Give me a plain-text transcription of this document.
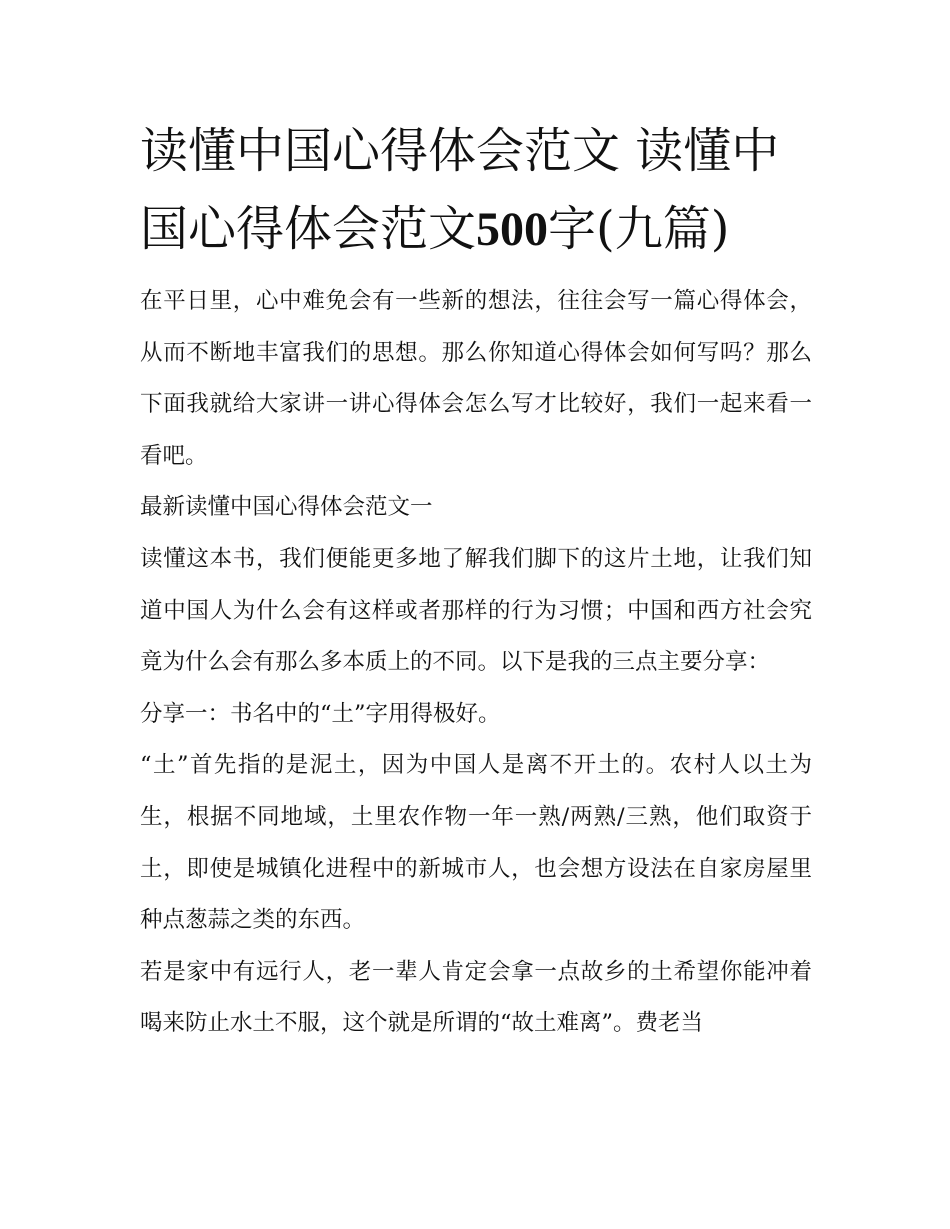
读懂中国心得体会范文 读懂中国心得体会范文500字(九篇)

在平日里，心中难免会有一些新的想法，往往会写一篇心得体会，从而不断地丰富我们的思想。那么你知道心得体会如何写吗？那么下面我就给大家讲一讲心得体会怎么写才比较好，我们一起来看一看吧。

最新读懂中国心得体会范文一

读懂这本书，我们便能更多地了解我们脚下的这片土地，让我们知道中国人为什么会有这样或者那样的行为习惯；中国和西方社会究竟为什么会有那么多本质上的不同。以下是我的三点主要分享：

分享一：书名中的“土”字用得极好。

“土”首先指的是泥土，因为中国人是离不开土的。农村人以土为生，根据不同地域，土里农作物一年一熟/两熟/三熟，他们取资于土，即使是城镇化进程中的新城市人，也会想方设法在自家房屋里种点葱蒜之类的东西。

若是家中有远行人，老一辈人肯定会拿一点故乡的土希望你能冲着喝来防止水土不服，这个就是所谓的“故土难离”。费老当
